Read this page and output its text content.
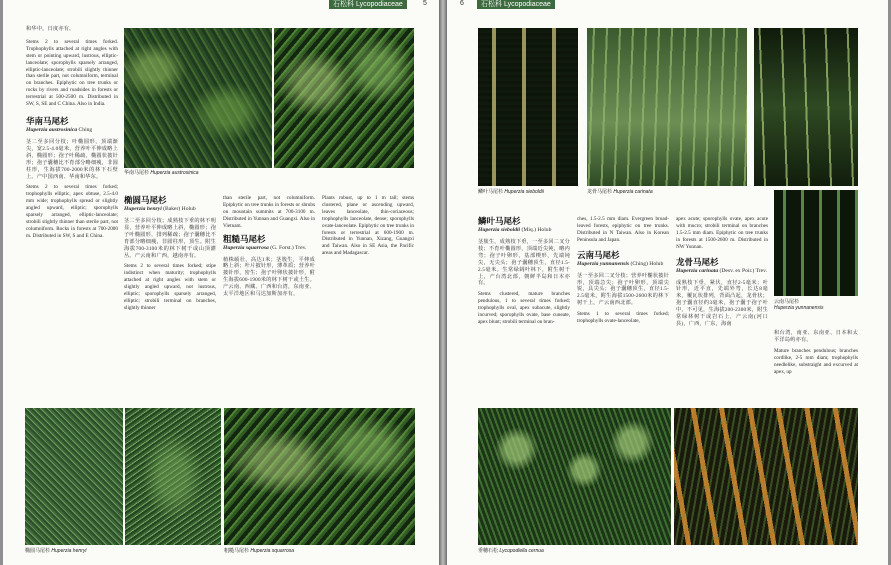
石松科 Lycopodiaceae	5

和华中，日度亦有。

Stems 2 to several times forked. Trophophylls attached at right angles with stem or pointing upward, lustrous, elliptic-lanceolate; sporophylls sparsely arranged, elliptic-lanceolate; strobili slightly thinner than sterile part, not columniform, terminal on branches. Epiphytic on tree trunks or rocks by rivers and roadsides in forests or terrestrial at 500-2500 m. Distributed in SW, S, SE and C China. Also in India.

华南马尾杉
Huperzia austrosinica Ching

茎二至多回分枝；叶椭圆形，顶端渐尖，宽2.5-4.0毫米，营养叶平伸成略上斜，椭圆形；孢子叶稀疏，椭圆状披针形；孢子囊穗比不育部分略细瘦，非圆柱形，生海拔700-2000米的林下石壁上。产中国西南、华南和华东。

Stems 2 to several times forked; trophophylls elliptic, apex obtuse, 2.5-4.0 mm wide; trophophylls spread or slightly angled upward, elliptic; sporophylls sparsely arranged, elliptic-lanceolate; strobili slightly thinner than sterile part, not columniform. Rocks in forests at 700-2000 m. Distributed in SW, S and E China.

华南马尾杉 Huperzia austrosinica
椭圆马尾杉
Huperzia henryi (Baker) Holub

茎二至多回分枝；成熟枝下垂的林不明显，营养叶平伸成略上斜，椭圆形；孢子叶椭圆形，排列稀疏；孢子囊穗比不育部分略细瘦，非圆柱形，顶生。附生海拔700-3100米的林下树干或山顶灌丛。产云南和广西，越南亦有。

Stems 2 to several times forked; stipe indistinct when maturity; trophophylls attached at right angles with stem or slightly angled upward, not lustrous, elliptic; sporophylls sparsely arranged, elliptic; strobili terminal on branches, slightly thinner

than sterile part, not columniform. Epiphytic on tree trunks in forests or shrubs on mountain summits at 700-3100 m. Distributed in Yunnan and Guangxi. Also in Vietnam.

粗糙马尾杉
Huperzia squarrosa (G. Forst.) Trev.

植株硕壮，高达1米；茎簇生，平伸成略上斜；叶片披针形，薄革质；营养叶披针形，密生；孢子叶卵状披针形，附生海拔600-1900米的林下树干或土生。产云南、西藏、广西和台湾，东南亚、太平洋地区和马达加斯加亦有。

Plants robust, up to 1 m tall; stems clustered, plane or ascending upward, leaves lanceolate, thin-coriaceous; trophophylls lanceolate, dense; sporophylls ovate-lanceolate. Epiphytic on tree trunks in forests or terrestrial at 600-1900 m. Distributed in Yunnan, Xizang, Guangxi and Taiwan. Also in SE Asia, the Pacific areas and Madagascar.

椭圆马尾杉 Huperzia henryi	粗糙马尾杉 Huperzia squarrosa
6	石松科 Lycopodiaceae
鳞叶马尾杉 Huperzia sieboldii	龙骨马尾杉 Huperzia carinata
云南马尾杉
Huperzia yunnanensis
鳞叶马尾杉
Huperzia sieboldii (Miq.) Holub

茎簇生，成熟枝下垂，一至多回二叉分枝；不育叶椭圆形，顶端近尖钝，略内弯；孢子叶卵形，基部楔形，先端钝尖，无尖头；孢子囊穗顶生，直径1.5-2.5毫米。生常绿阔叶林下，附生树干上，产台湾北部，朝鲜半岛和日本亦有。

Stems clustered, mature branches pendulous, 1 to several times forked; trophophylls oval, apex subacute, slightly incurved; sporophylls ovate, base cuneate, apex blunt; strobili terminal on bran-

ches, 1.5-2.5 mm diam. Evergreen broad-leaved forests, epiphytic on tree trunks. Distributed in N Taiwan. Also in Korean Peninsula and Japan.

云南马尾杉
Huperzia yunnanensis (Ching) Holub

茎一至多回二叉分枝；营养叶椭状披针形，顶端急尖；孢子叶卵形，顶端尖锐，具尖头；孢子囊穗顶生，直径1.5-2.5毫米，附生海拔1500-2600米的林下树干上，产云南西北部。

Stems 1 to several times forked; trophophylls ovate-lanceolate,

apex acute; sporophylls ovate, apex acute with mucro; strobili terminal on branches 1.5-2.5 mm diam. Epiphytic on tree trunks in forests at 1500-2600 m. Distributed in NW Yunnan.

龙骨马尾杉
Huperzia carinata (Desv. ex Poir.) Trev.

成熟枝下垂，紧伏，直径2-5毫米；叶针形，近平直，先端外弯，长达8毫米，覆瓦状排列，背面凸起，龙骨状；孢子囊直径约3毫米，孢子囊于孢子叶中，不可见，生海拔200-2300米，附生常绿林树干或岩石上，产云南(河口县)，广西，广东，海南

和台湾，南亚、东南亚、日本和太平洋岛屿亦有。

Mature branches pendulous; branches cordlike, 2-5 mm diam; trophophylls needlelike, substraight and excurved at apex, up

垂穗石松 Lycopodiella cernua
